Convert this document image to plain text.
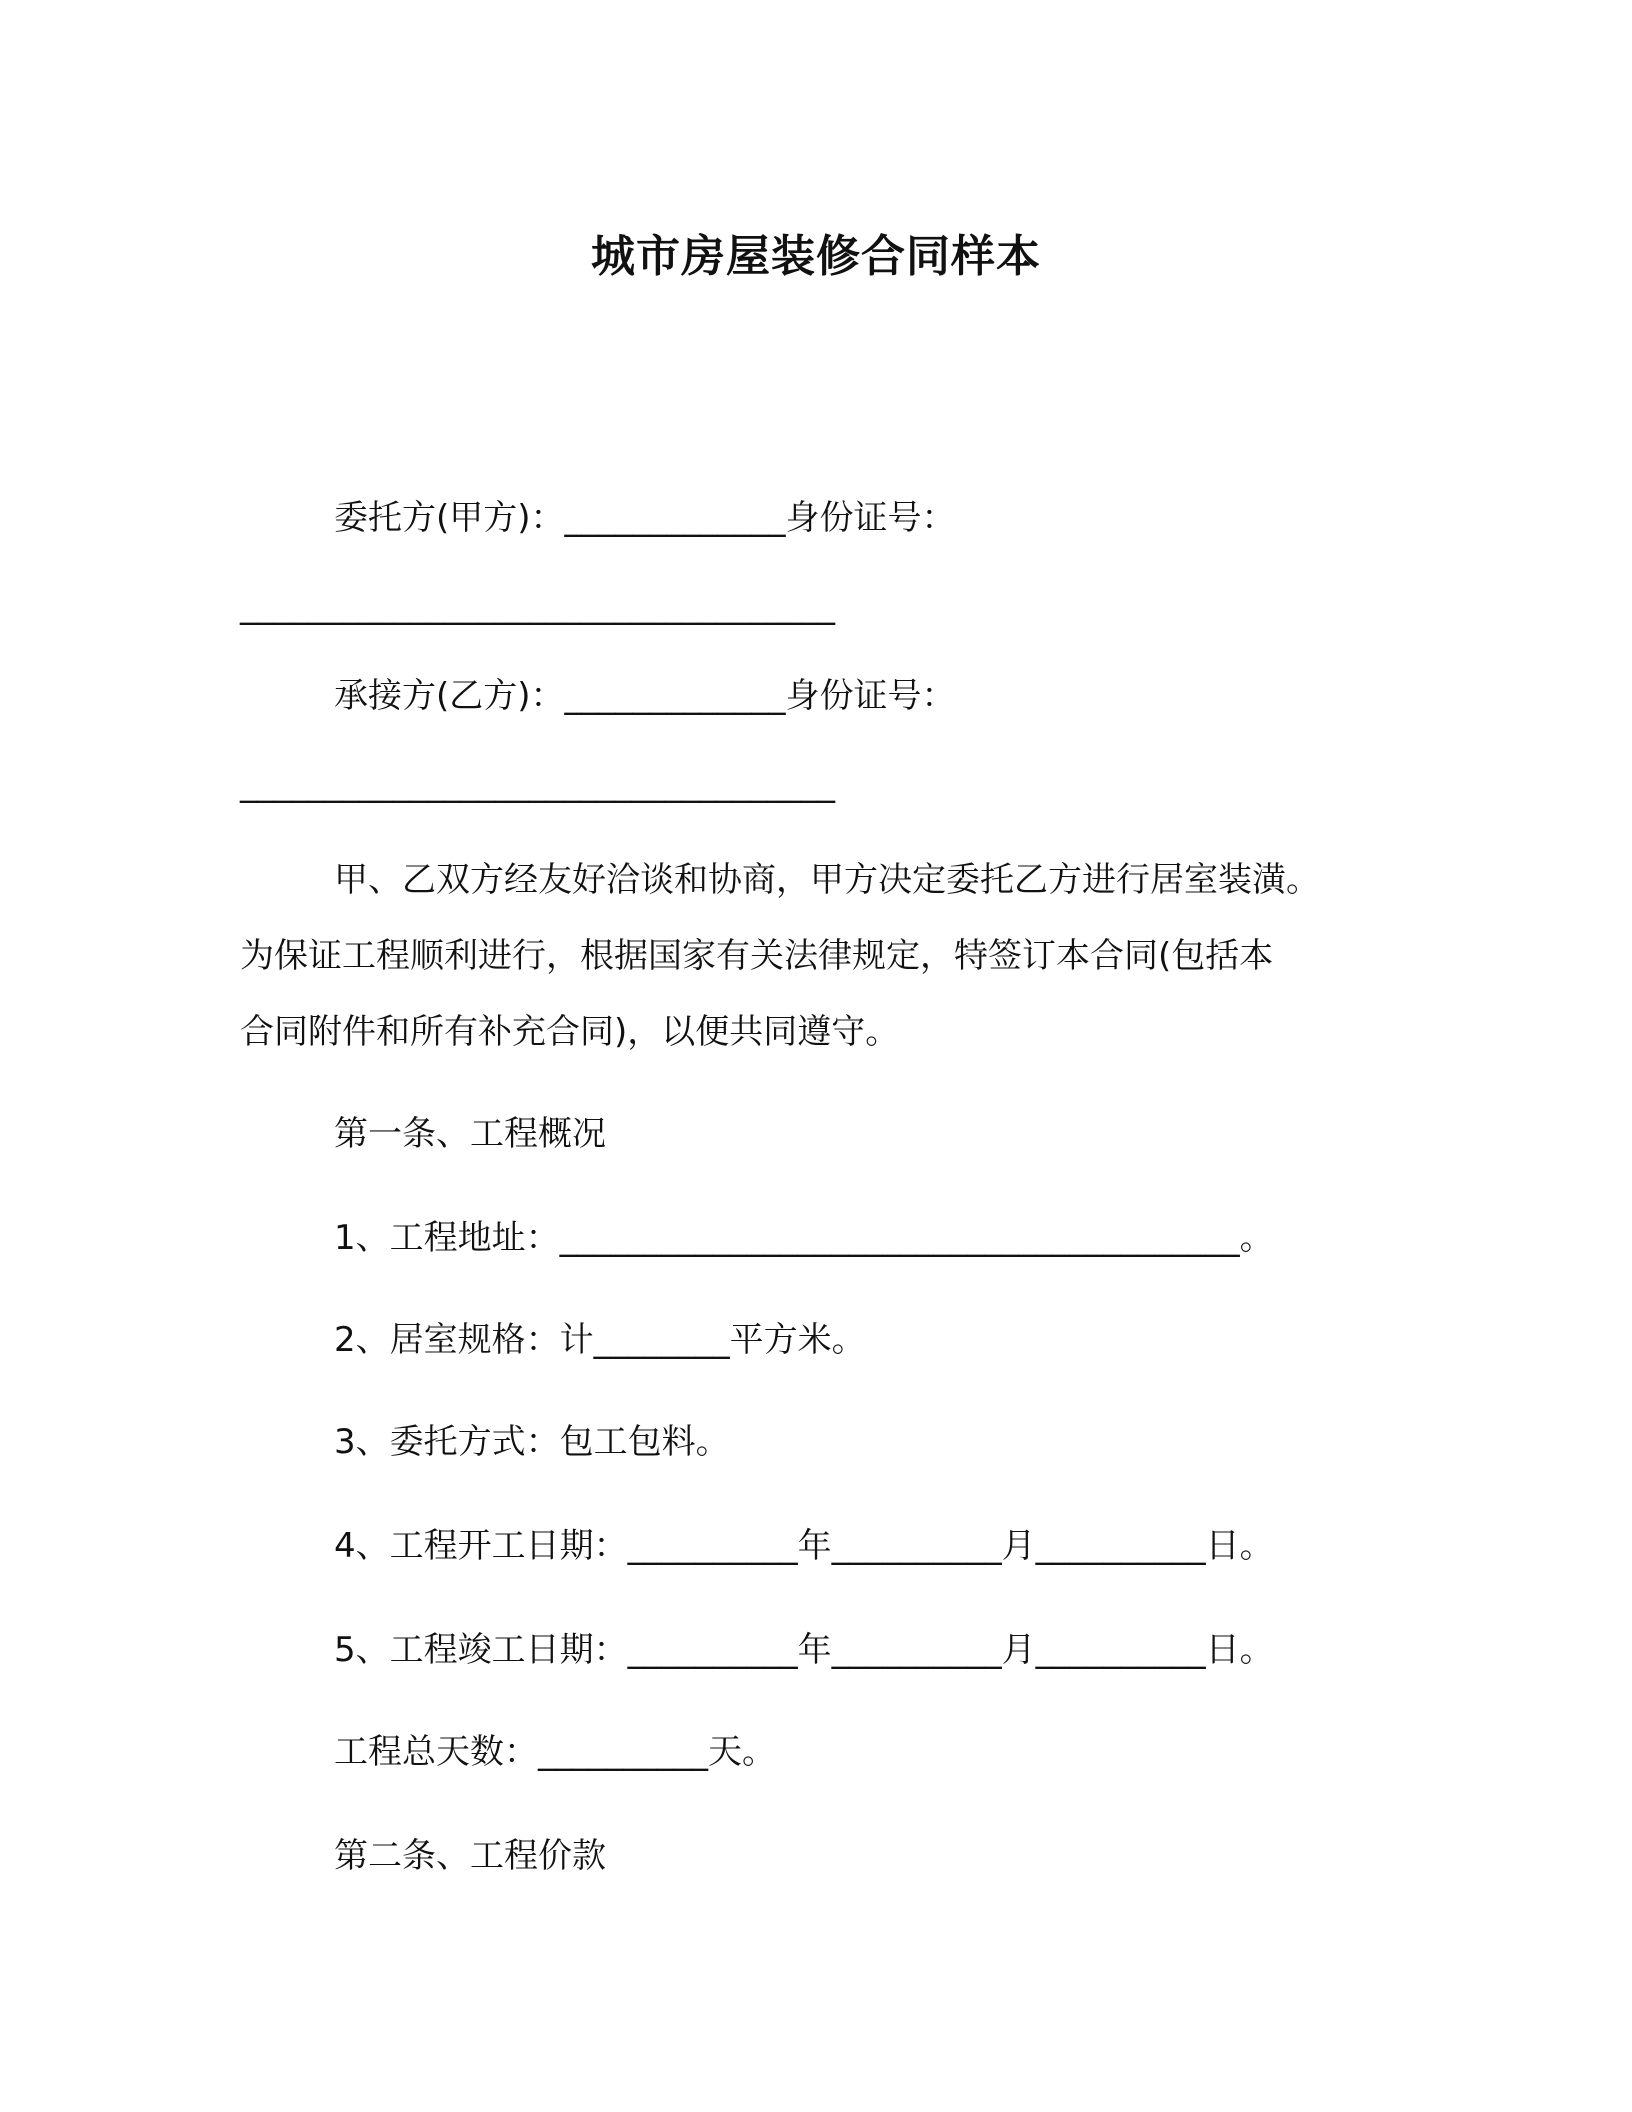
城市房屋装修合同样本
委托方(甲方)：_____________身份证号：
___________________________________
承接方(乙方)：_____________身份证号：
___________________________________
甲、乙双方经友好洽谈和协商，甲方决定委托乙方进行居室装潢。
为保证工程顺利进行，根据国家有关法律规定，特签订本合同(包括本
合同附件和所有补充合同)，以便共同遵守。
第一条、工程概况
1、工程地址：________________________________________。
2、居室规格：计________平方米。
3、委托方式：包工包料。
4、工程开工日期：__________年__________月__________日。
5、工程竣工日期：__________年__________月__________日。
工程总天数：__________天。
第二条、工程价款
